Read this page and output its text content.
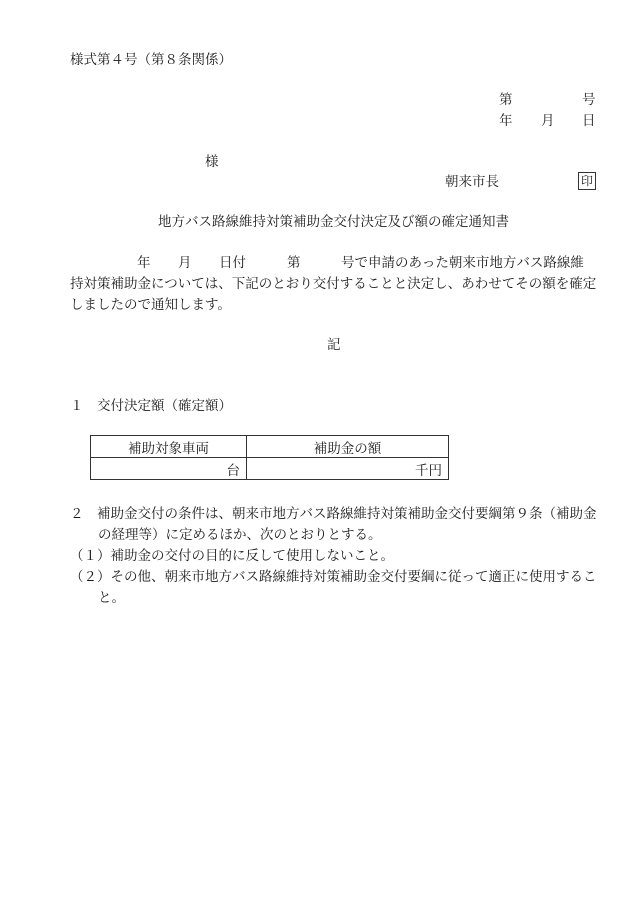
様式第４号（第８条関係）
第	号
年 月 日
様
朝来市長	印
地方バス路線維持対策補助金交付決定及び額の確定通知書
年 月 日付	第	号で申請のあった朝来市地方バス路線維
持対策補助金については、下記のとおり交付することと決定し、あわせてその額を確定しましたので通知します。
記
１　交付決定額（確定額）
補助対象車両	補助金の額
台	千円
２　補助金交付の条件は、朝来市地方バス路線維持対策補助金交付要綱第９条（補助金の経理等）に定めるほか、次のとおりとする。
（１）補助金の交付の目的に反して使用しないこと。
（２）その他、朝来市地方バス路線維持対策補助金交付要綱に従って適正に使用すること。
